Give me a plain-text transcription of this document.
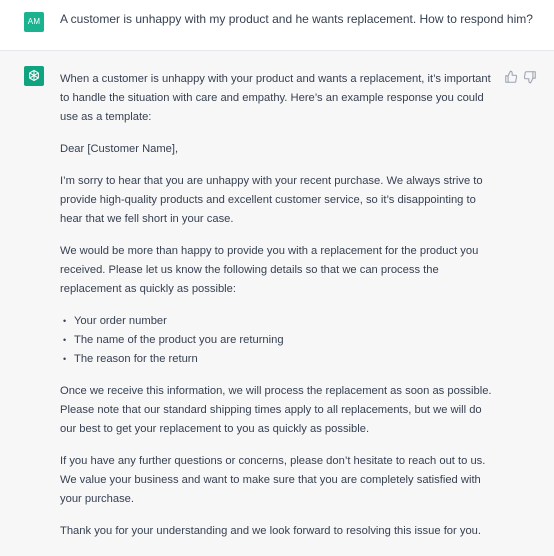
AM	A customer is unhappy with my product and he wants replacement. How to respond him?

When a customer is unhappy with your product and wants a replacement, it’s important to handle the situation with care and empathy. Here’s an example response you could use as a template:

Dear [Customer Name],

I’m sorry to hear that you are unhappy with your recent purchase. We always strive to provide high-quality products and excellent customer service, so it’s disappointing to hear that we fell short in your case.

We would be more than happy to provide you with a replacement for the product you received. Please let us know the following details so that we can process the replacement as quickly as possible:

• Your order number
• The name of the product you are returning
• The reason for the return

Once we receive this information, we will process the replacement as soon as possible. Please note that our standard shipping times apply to all replacements, but we will do our best to get your replacement to you as quickly as possible.

If you have any further questions or concerns, please don’t hesitate to reach out to us. We value your business and want to make sure that you are completely satisfied with your purchase.

Thank you for your understanding and we look forward to resolving this issue for you.
